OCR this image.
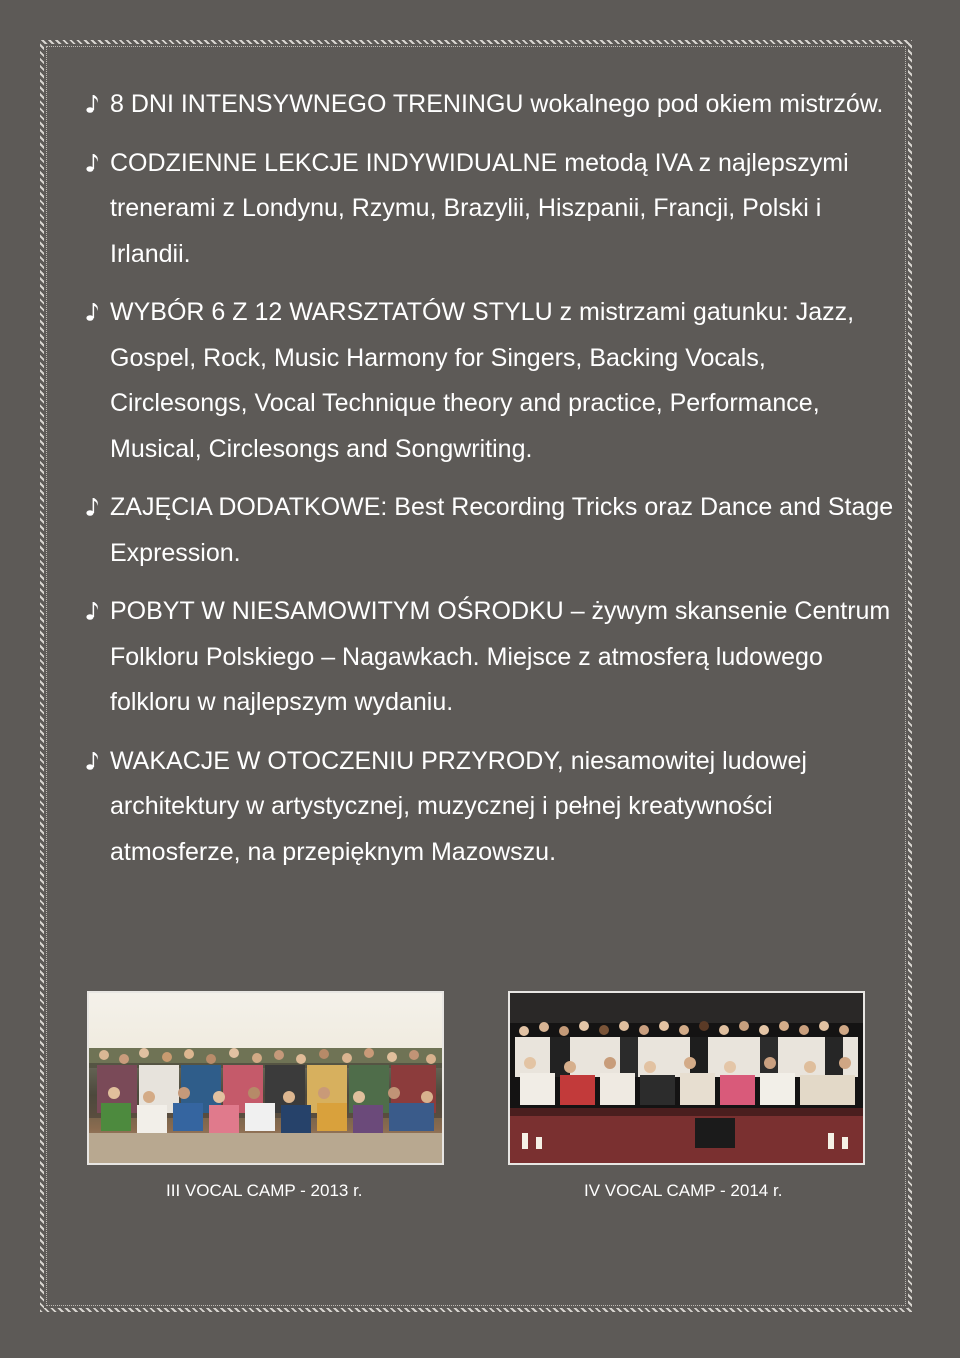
8 DNI INTENSYWNEGO TRENINGU wokalnego pod okiem mistrzów.
CODZIENNE LEKCJE INDYWIDUALNE metodą IVA z najlepszymi trenerami z Londynu, Rzymu, Brazylii, Hiszpanii, Francji, Polski i Irlandii.
WYBÓR 6 Z 12 WARSZTATÓW STYLU z mistrzami gatunku: Jazz, Gospel, Rock, Music Harmony for Singers, Backing Vocals, Circlesongs, Vocal Technique theory and practice, Performance, Musical, Circlesongs and Songwriting.
ZAJĘCIA DODATKOWE: Best Recording Tricks oraz Dance and Stage Expression.
POBYT W NIESAMOWITYM OŚRODKU – żywym skansenie Centrum Folkloru Polskiego – Nagawkach. Miejsce z atmosferą ludowego folkloru w najlepszym wydaniu.
WAKACJE W OTOCZENIU PRZYRODY, niesamowitej ludowej architektury w artystycznej, muzycznej i pełnej kreatywności atmosferze, na przepięknym Mazowszu.
III VOCAL CAMP - 2013 r.	IV VOCAL CAMP - 2014 r.
